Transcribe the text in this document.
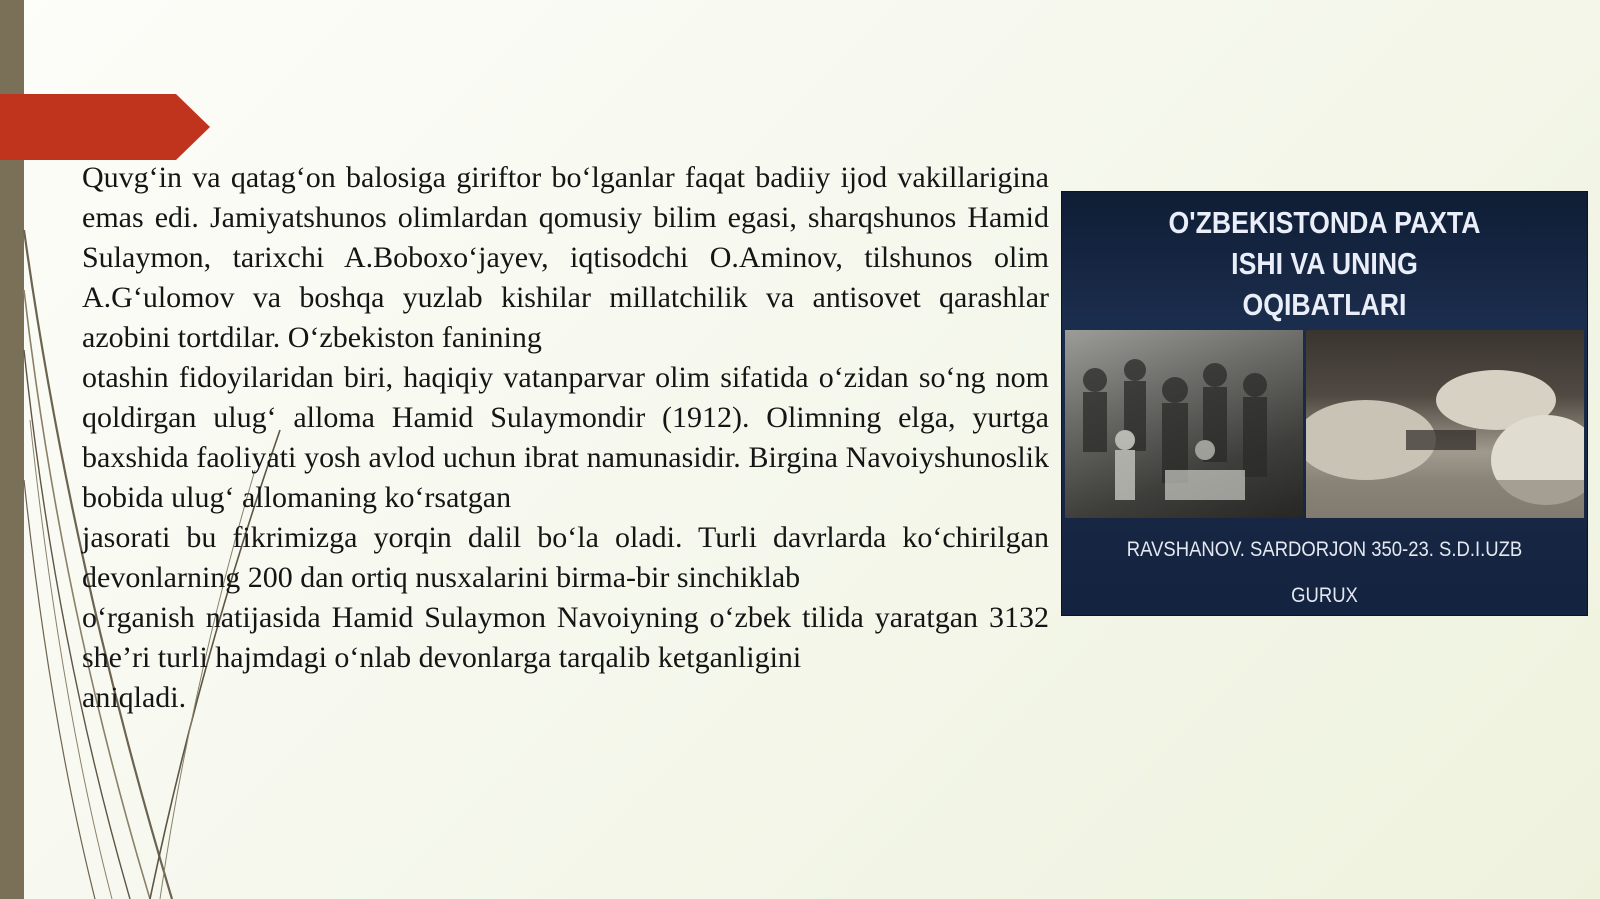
Quvg‘in va qatag‘on balosiga giriftor bo‘lganlar faqat badiiy ijod vakillarigina emas edi. Jamiyatshunos olimlardan qomusiy bilim egasi, sharqshunos Hamid Sulaymon, tarixchi A.Boboxo‘jayev, iqtisodchi O.Aminov, tilshunos olim A.G‘ulomov va boshqa yuzlab kishilar millatchilik va antisovet qarashlar azobini tortdilar. O‘zbekiston fanining

otashin fidoyilaridan biri, haqiqiy vatanparvar olim sifatida o‘zidan so‘ng nom qoldirgan ulug‘ alloma Hamid Sulaymondir (1912). Olimning elga, yurtga baxshida faoliyati yosh avlod uchun ibrat namunasidir. Birgina Navoiyshunoslik bobida ulug‘ allomaning ko‘rsatgan

jasorati bu fikrimizga yorqin dalil bo‘la oladi. Turli davrlarda ko‘chirilgan devonlarning 200 dan ortiq nusxalarini birma-bir sinchiklab

o‘rganish natijasida Hamid Sulaymon Navoiyning o‘zbek tilida yaratgan 3132 she’ri turli hajmdagi o‘nlab devonlarga tarqalib ketganligini

aniqladi.

O'ZBEKISTONDA PAXTA
ISHI VA UNING
OQIBATLARI
RAVSHANOV. SARDORJON 350-23. S.D.I.UZB
GURUX
